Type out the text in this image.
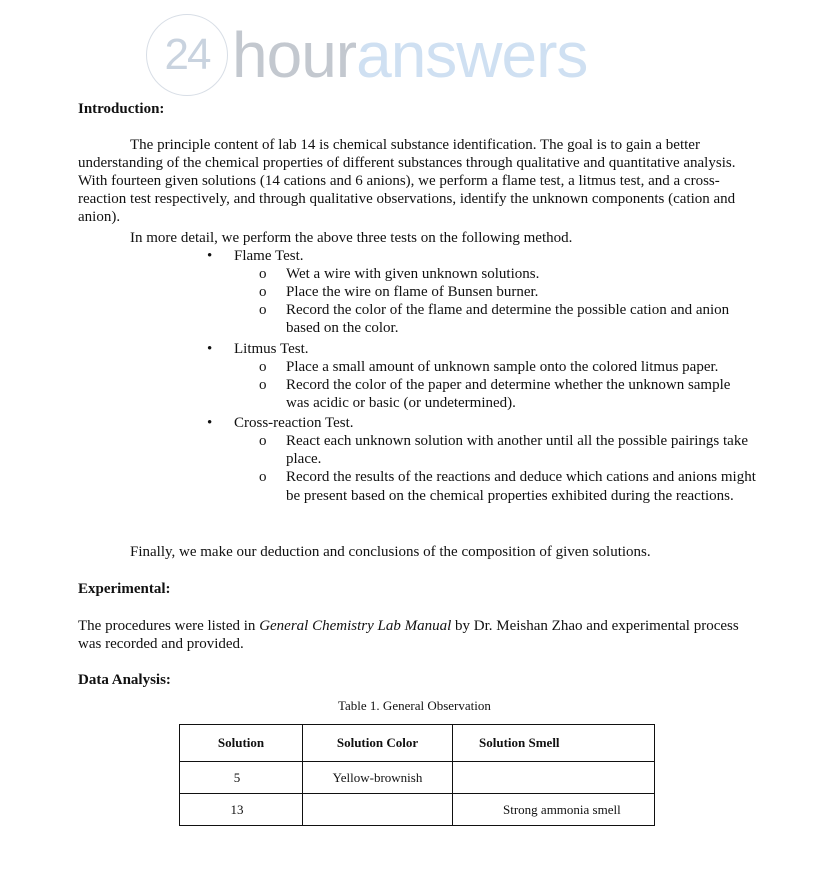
24 hour answers
Introduction:

The principle content of lab 14 is chemical substance identification. The goal is to gain a better understanding of the chemical properties of different substances through qualitative and quantitative analysis. With fourteen given solutions (14 cations and 6 anions), we perform a flame test, a litmus test, and a cross-reaction test respectively, and through qualitative observations, identify the unknown components (cation and anion).

In more detail, we perform the above three tests on the following method.

• Flame Test.
o Wet a wire with given unknown solutions.
o Place the wire on flame of Bunsen burner.
o Record the color of the flame and determine the possible cation and anion based on the color.
• Litmus Test.
o Place a small amount of unknown sample onto the colored litmus paper.
o Record the color of the paper and determine whether the unknown sample was acidic or basic (or undetermined).
• Cross-reaction Test.
o React each unknown solution with another until all the possible pairings take place.
o Record the results of the reactions and deduce which cations and anions might be present based on the chemical properties exhibited during the reactions.

Finally, we make our deduction and conclusions of the composition of given solutions.

Experimental:

The procedures were listed in General Chemistry Lab Manual by Dr. Meishan Zhao and experimental process was recorded and provided.

Data Analysis:
Table 1. General Observation
Solution	Solution Color	Solution Smell
5	Yellow-brownish	
13		Strong ammonia smell
